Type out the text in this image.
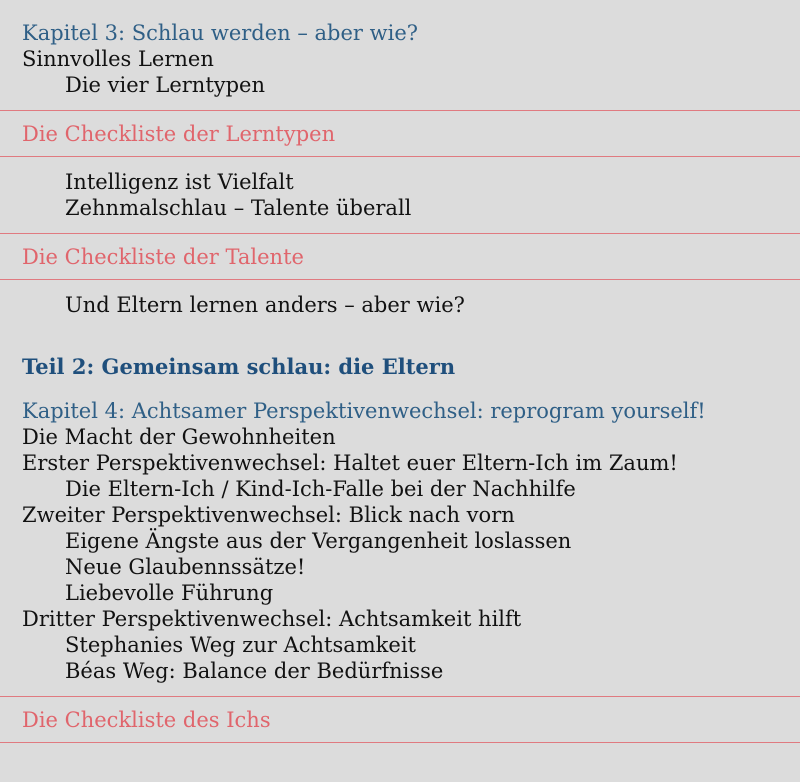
Kapitel 3: Schlau werden – aber wie?
Sinnvolles Lernen
Die vier Lerntypen
Die Checkliste der Lerntypen
Intelligenz ist Vielfalt
Zehnmalschlau – Talente überall
Die Checkliste der Talente
Und Eltern lernen anders – aber wie?
Teil 2: Gemeinsam schlau: die Eltern
Kapitel 4: Achtsamer Perspektivenwechsel: reprogram yourself!
Die Macht der Gewohnheiten
Erster Perspektivenwechsel: Haltet euer Eltern-Ich im Zaum!
Die Eltern-Ich / Kind-Ich-Falle bei der Nachhilfe
Zweiter Perspektivenwechsel: Blick nach vorn
Eigene Ängste aus der Vergangenheit loslassen
Neue Glaubennssätze!
Liebevolle Führung
Dritter Perspektivenwechsel: Achtsamkeit hilft
Stephanies Weg zur Achtsamkeit
Béas Weg: Balance der Bedürfnisse
Die Checkliste des Ichs
